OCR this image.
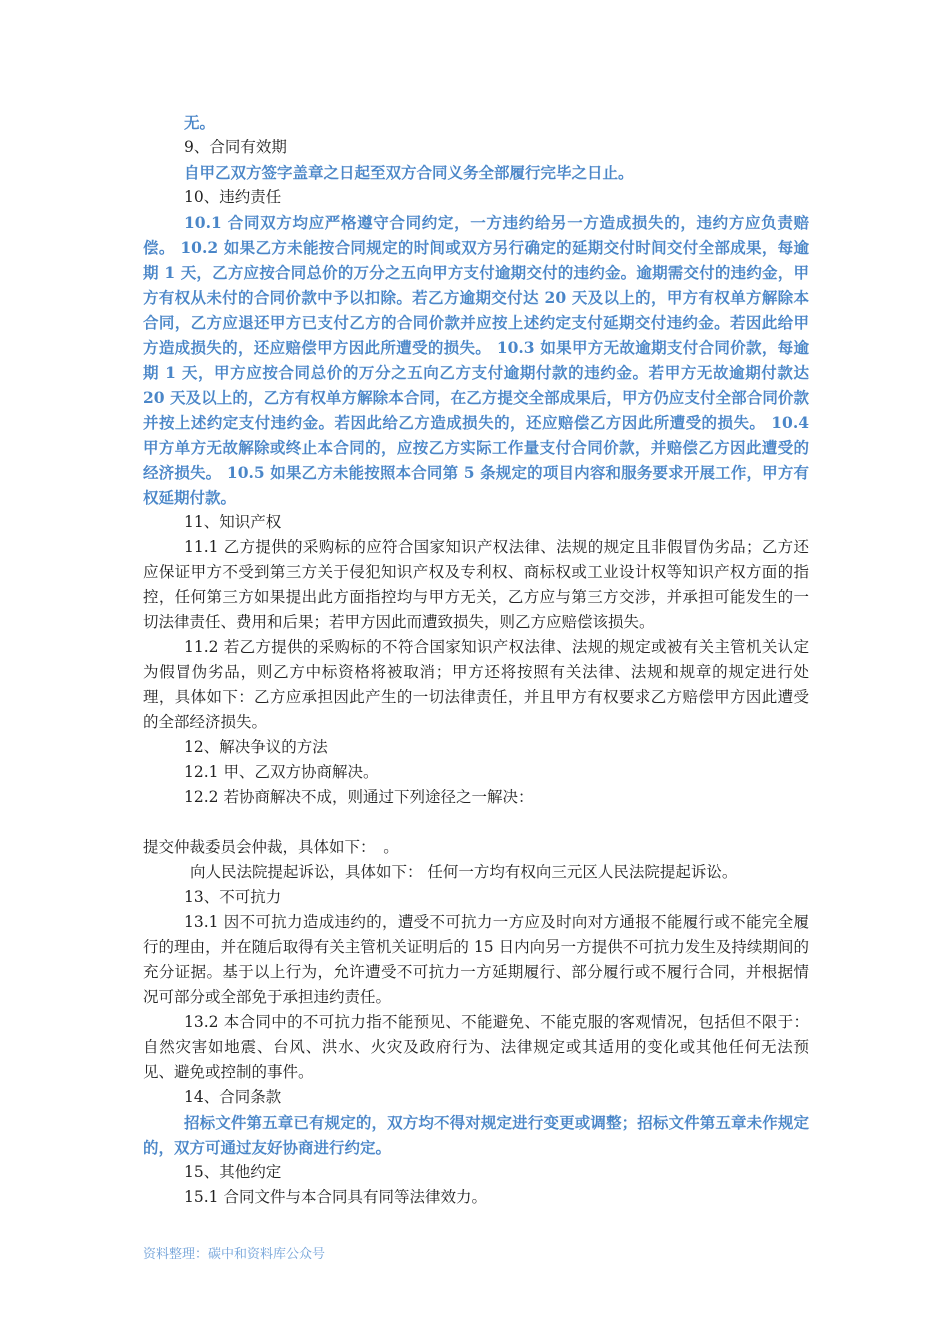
无。

9、合同有效期

自甲乙双方签字盖章之日起至双方合同义务全部履行完毕之日止。

10、违约责任

10.1 合同双方均应严格遵守合同约定，一方违约给另一方造成损失的，违约方应负责赔偿。 10.2 如果乙方未能按合同规定的时间或双方另行确定的延期交付时间交付全部成果，每逾期 1 天，乙方应按合同总价的万分之五向甲方支付逾期交付的违约金。逾期需交付的违约金，甲方有权从未付的合同价款中予以扣除。若乙方逾期交付达 20 天及以上的，甲方有权单方解除本合同，乙方应退还甲方已支付乙方的合同价款并应按上述约定支付延期交付违约金。若因此给甲方造成损失的，还应赔偿甲方因此所遭受的损失。 10.3 如果甲方无故逾期支付合同价款，每逾期 1 天，甲方应按合同总价的万分之五向乙方支付逾期付款的违约金。若甲方无故逾期付款达 20 天及以上的，乙方有权单方解除本合同，在乙方提交全部成果后，甲方仍应支付全部合同价款并按上述约定支付违约金。若因此给乙方造成损失的，还应赔偿乙方因此所遭受的损失。 10.4 甲方单方无故解除或终止本合同的，应按乙方实际工作量支付合同价款，并赔偿乙方因此遭受的经济损失。 10.5 如果乙方未能按照本合同第 5 条规定的项目内容和服务要求开展工作，甲方有权延期付款。

11、知识产权

11.1 乙方提供的采购标的应符合国家知识产权法律、法规的规定且非假冒伪劣品；乙方还应保证甲方不受到第三方关于侵犯知识产权及专利权、商标权或工业设计权等知识产权方面的指控，任何第三方如果提出此方面指控均与甲方无关，乙方应与第三方交涉，并承担可能发生的一切法律责任、费用和后果；若甲方因此而遭致损失，则乙方应赔偿该损失。

11.2 若乙方提供的采购标的不符合国家知识产权法律、法规的规定或被有关主管机关认定为假冒伪劣品，则乙方中标资格将被取消；甲方还将按照有关法律、法规和规章的规定进行处理，具体如下：乙方应承担因此产生的一切法律责任，并且甲方有权要求乙方赔偿甲方因此遭受的全部经济损失。

12、解决争议的方法

12.1 甲、乙双方协商解决。

12.2 若协商解决不成，则通过下列途径之一解决：

提交仲裁委员会仲裁，具体如下：　。

向人民法院提起诉讼，具体如下： 任何一方均有权向三元区人民法院提起诉讼。

13、不可抗力

13.1 因不可抗力造成违约的，遭受不可抗力一方应及时向对方通报不能履行或不能完全履行的理由，并在随后取得有关主管机关证明后的 15 日内向另一方提供不可抗力发生及持续期间的充分证据。基于以上行为，允许遭受不可抗力一方延期履行、部分履行或不履行合同，并根据情况可部分或全部免于承担违约责任。

13.2 本合同中的不可抗力指不能预见、不能避免、不能克服的客观情况，包括但不限于：自然灾害如地震、台风、洪水、火灾及政府行为、法律规定或其适用的变化或其他任何无法预见、避免或控制的事件。

14、合同条款

招标文件第五章已有规定的，双方均不得对规定进行变更或调整；招标文件第五章未作规定的，双方可通过友好协商进行约定。

15、其他约定

15.1 合同文件与本合同具有同等法律效力。

资料整理：碳中和资料库公众号
